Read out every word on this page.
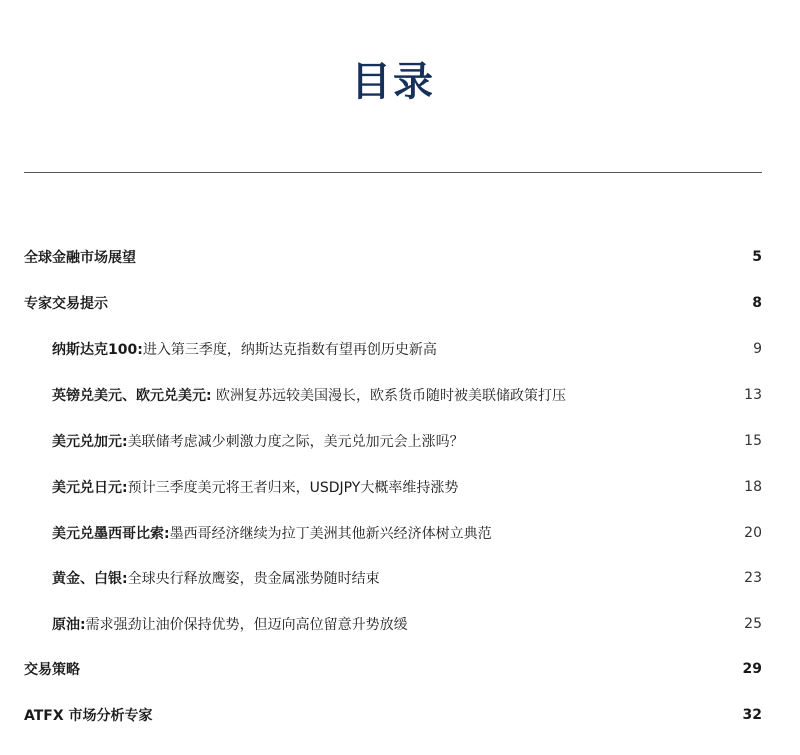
目录
全球金融市场展望	5
专家交易提示	8
纳斯达克100:进入第三季度，纳斯达克指数有望再创历史新高	9
英镑兑美元、欧元兑美元: 欧洲复苏远较美国漫长，欧系货币随时被美联储政策打压	13
美元兑加元:美联储考虑减少刺激力度之际，美元兑加元会上涨吗？	15
美元兑日元:预计三季度美元将王者归来，USDJPY大概率维持涨势	18
美元兑墨西哥比索:墨西哥经济继续为拉丁美洲其他新兴经济体树立典范	20
黄金、白银:全球央行释放鹰姿，贵金属涨势随时结束	23
原油:需求强劲让油价保持优势，但迈向高位留意升势放缓	25
交易策略	29
ATFX 市场分析专家	32
